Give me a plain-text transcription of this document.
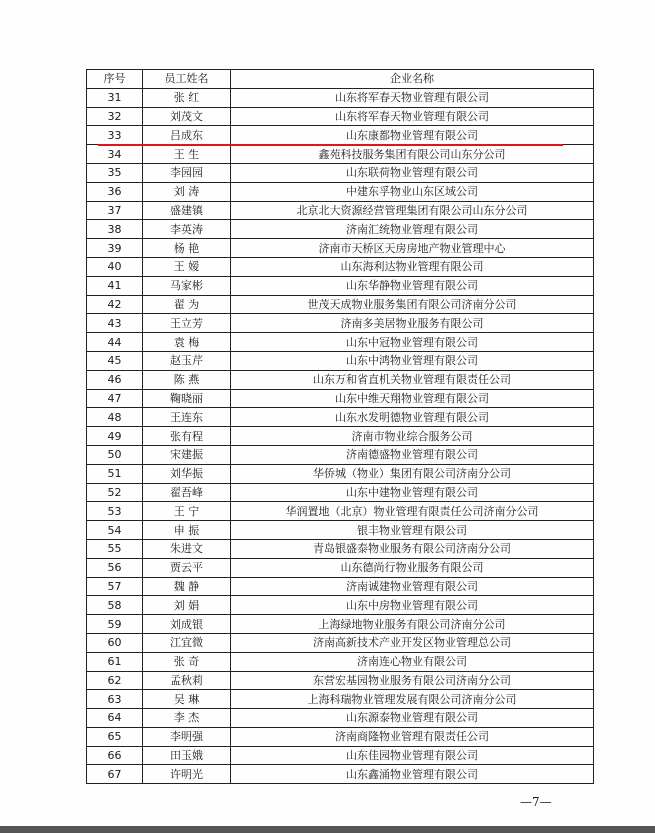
序号	员工姓名	企业名称
31	张 红	山东将军春天物业管理有限公司
32	刘茂文	山东将军春天物业管理有限公司
33	吕成东	山东康都物业管理有限公司
34	王 生	鑫苑科技服务集团有限公司山东分公司
35	李园园	山东联荷物业管理有限公司
36	刘 涛	中建东孚物业山东区域公司
37	盛建镇	北京北大资源经营管理集团有限公司山东分公司
38	李英涛	济南汇统物业管理有限公司
39	杨 艳	济南市天桥区天房房地产物业管理中心
40	王 嫒	山东海利达物业管理有限公司
41	马家彬	山东华静物业管理有限公司
42	翟 为	世茂天成物业服务集团有限公司济南分公司
43	王立芳	济南多美居物业服务有限公司
44	袁 梅	山东中冠物业管理有限公司
45	赵玉芹	山东中鸿物业管理有限公司
46	陈 燕	山东万和省直机关物业管理有限责任公司
47	鞠晓丽	山东中维天翔物业管理有限公司
48	王连东	山东水发明德物业管理有限公司
49	张有程	济南市物业综合服务公司
50	宋建振	济南德盛物业管理有限公司
51	刘华振	华侨城（物业）集团有限公司济南分公司
52	翟吾峰	山东中建物业管理有限公司
53	王 宁	华润置地（北京）物业管理有限责任公司济南分公司
54	申 振	银丰物业管理有限公司
55	朱进文	青岛银盛泰物业服务有限公司济南分公司
56	贾云平	山东德尚行物业服务有限公司
57	魏 静	济南诚建物业管理有限公司
58	刘 娟	山东中房物业管理有限公司
59	刘成银	上海绿地物业服务有限公司济南分公司
60	江宜微	济南高新技术产业开发区物业管理总公司
61	张 奇	济南连心物业有限公司
62	孟秋莉	东营宏基园物业服务有限公司济南分公司
63	吴 琳	上海科瑞物业管理发展有限公司济南分公司
64	李 杰	山东源泰物业管理有限公司
65	李明强	济南商隆物业管理有限责任公司
66	田玉娥	山东佳园物业管理有限公司
67	许明光	山东鑫涌物业管理有限公司
—7—
